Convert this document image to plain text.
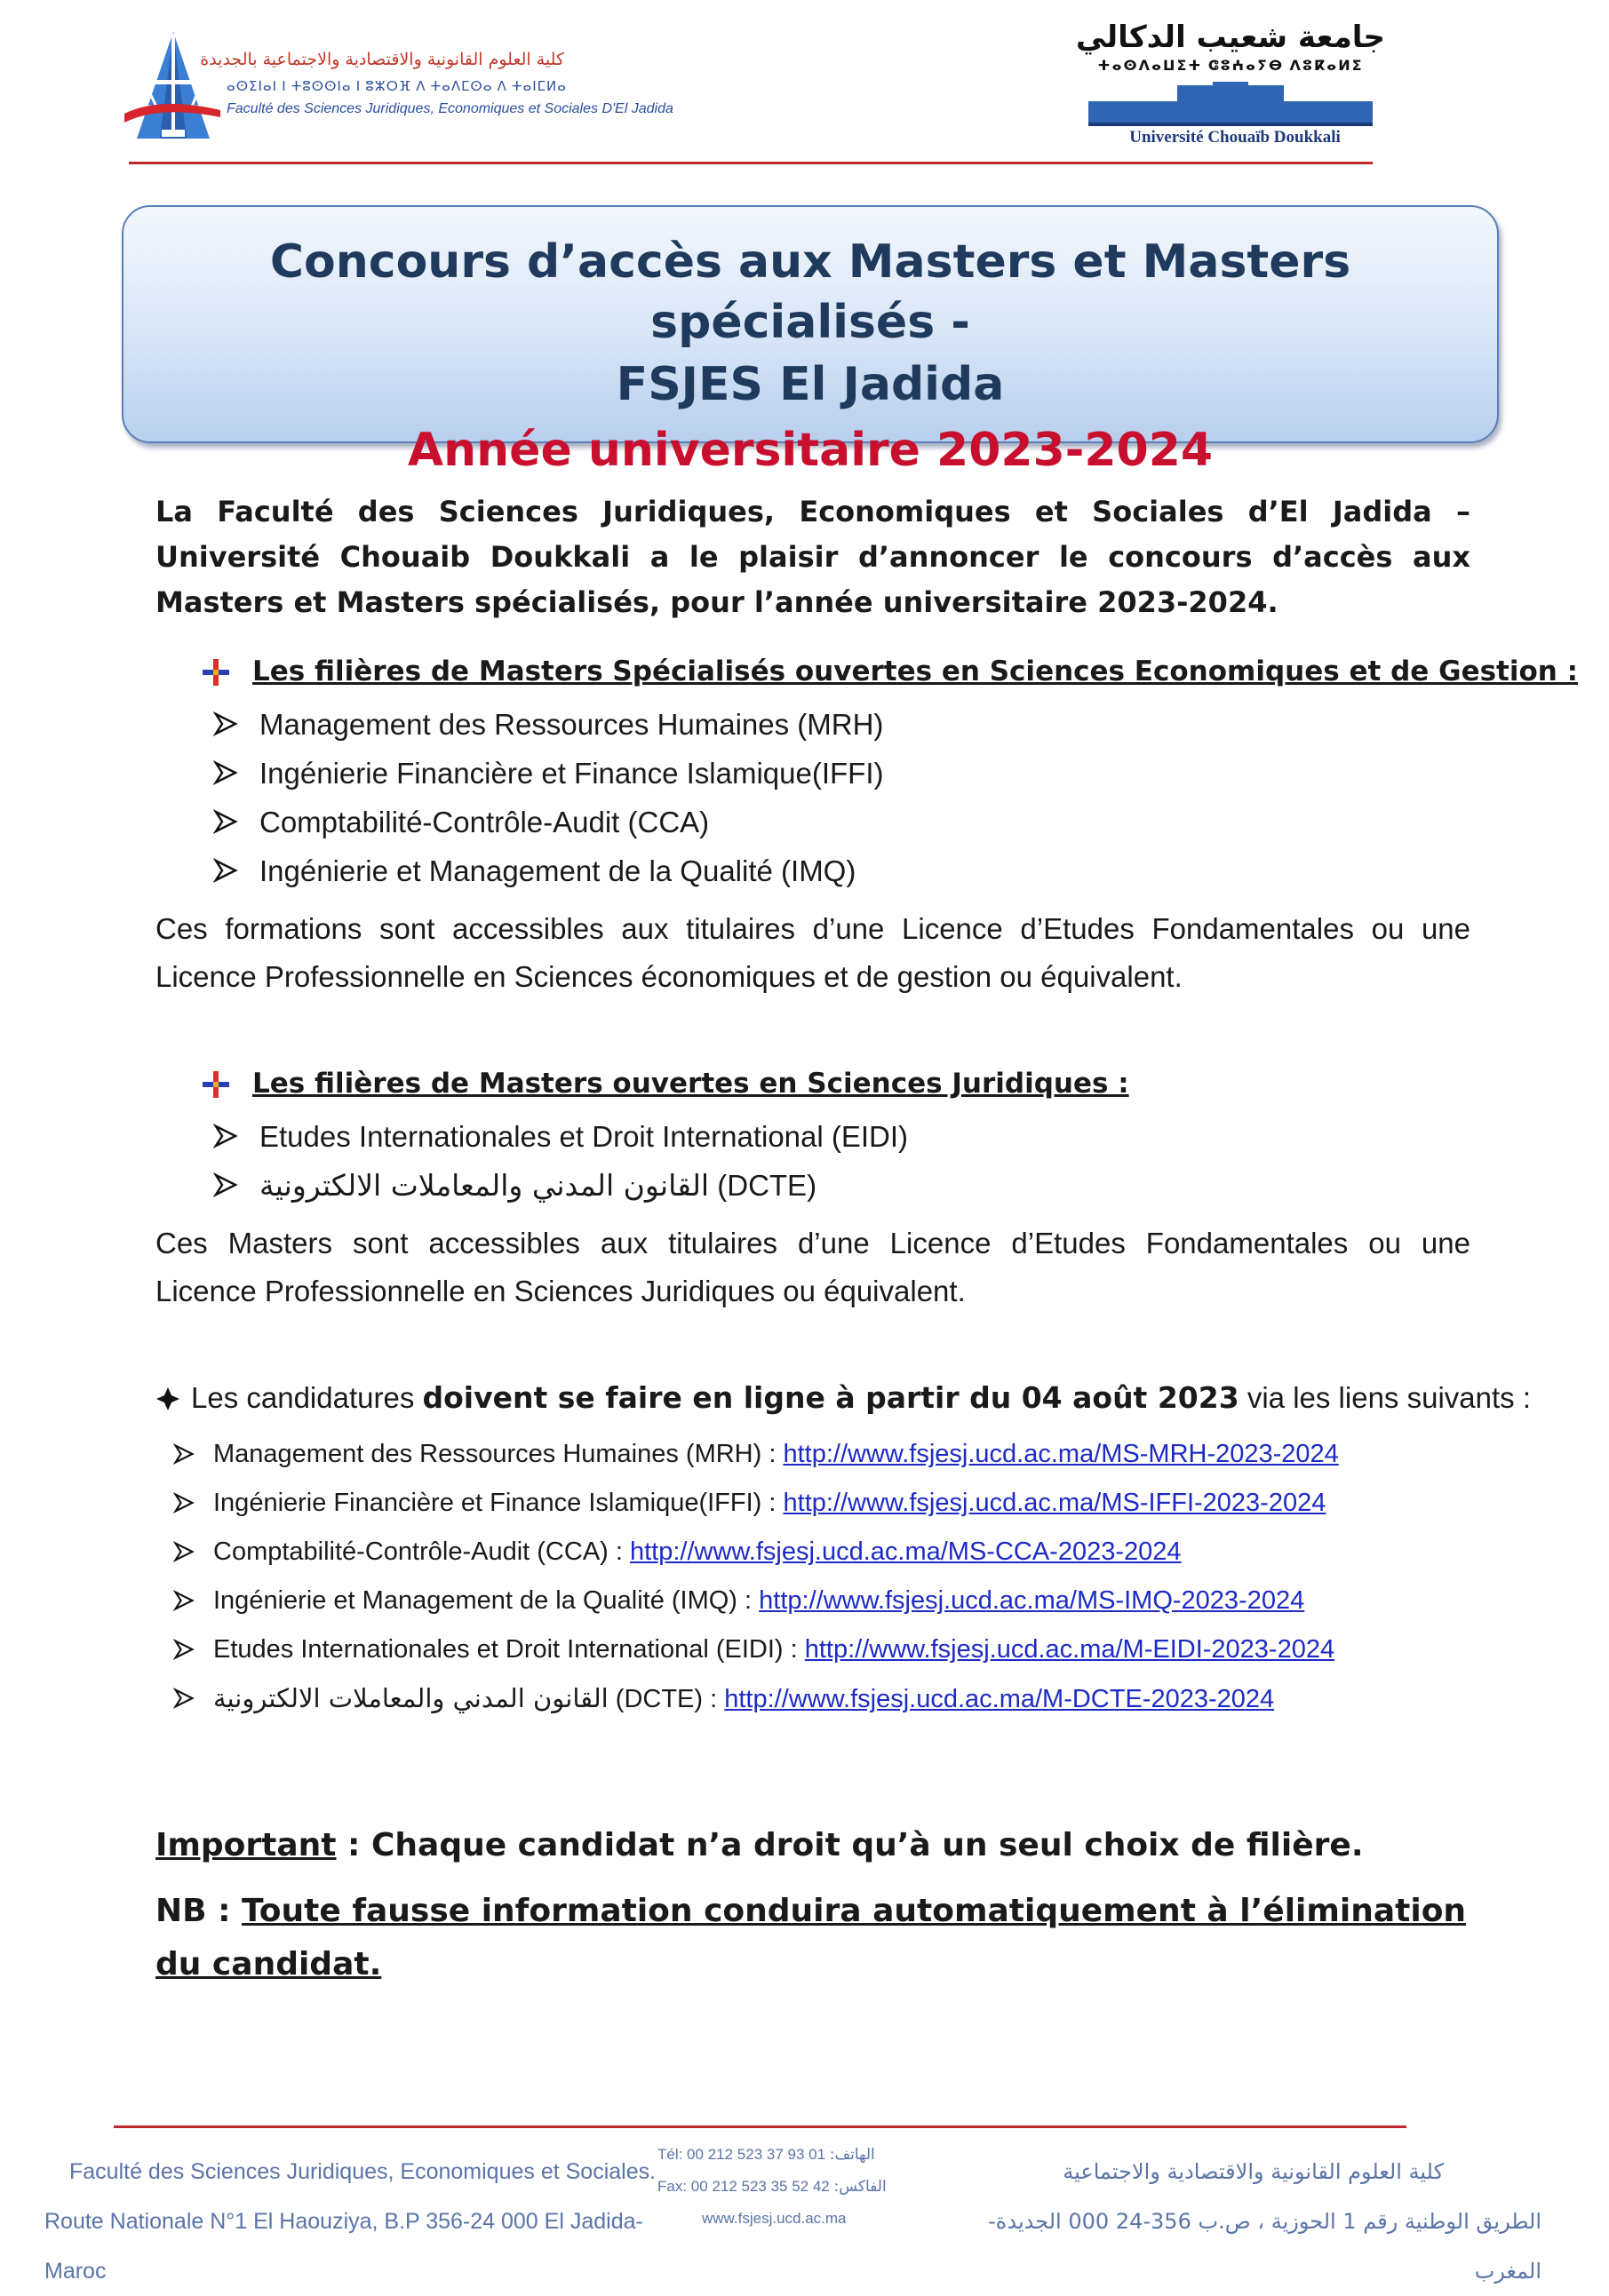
كلية العلوم القانونية والاقتصادية والاجتماعية بالجديدة
ⴰⵙⵉⵏⴰⵏ ⵏ ⵜⵓⵙⵙⵏⴰ ⵏ ⵓⵣⵔⴼ ⴷ ⵜⴰⴷⵎⵙⴰ ⴷ ⵜⴰⵏⵎⵍⴰ
Faculté des Sciences Juridiques, Economiques et Sociales D'El Jadida
جامعة شعيب الدكالي
ⵜⴰⵙⴷⴰⵡⵉⵜ ⵛⵓⵄⴰⵢⴱ ⴷⵓⴽⴰⵍⵉ
Université Chouaïb Doukkali
Concours d’accès aux Masters et Masters spécialisés -
FSJES El Jadida
Année universitaire 2023-2024
La Faculté des Sciences Juridiques, Economiques et Sociales d’El Jadida – Université Chouaib Doukkali a le plaisir d’annoncer le concours d’accès aux Masters et Masters spécialisés, pour l’année universitaire 2023-2024.
Les filières de Masters Spécialisés ouvertes en Sciences Economiques et de Gestion :
Management des Ressources Humaines (MRH)
Ingénierie Financière et Finance Islamique(IFFI)
Comptabilité-Contrôle-Audit (CCA)
Ingénierie et Management de la Qualité (IMQ)
Ces formations sont accessibles aux titulaires d’une Licence d’Etudes Fondamentales ou une
Licence Professionnelle en Sciences économiques et de gestion ou équivalent.
Les filières de Masters ouvertes en Sciences Juridiques :
Etudes Internationales et Droit International (EIDI)
القانون المدني والمعاملات الالكترونية (DCTE)
Ces Masters sont accessibles aux titulaires d’une Licence d’Etudes Fondamentales ou une
Licence Professionnelle en Sciences Juridiques ou équivalent.
Les candidatures doivent se faire en ligne à partir du 04 août 2023 via les liens suivants :
Management des Ressources Humaines (MRH) : http://www.fsjesj.ucd.ac.ma/MS-MRH-2023-2024
Ingénierie Financière et Finance Islamique(IFFI) : http://www.fsjesj.ucd.ac.ma/MS-IFFI-2023-2024
Comptabilité-Contrôle-Audit (CCA) : http://www.fsjesj.ucd.ac.ma/MS-CCA-2023-2024
Ingénierie et Management de la Qualité (IMQ) : http://www.fsjesj.ucd.ac.ma/MS-IMQ-2023-2024
Etudes Internationales et Droit International (EIDI) : http://www.fsjesj.ucd.ac.ma/M-EIDI-2023-2024
القانون المدني والمعاملات الالكترونية (DCTE) : http://www.fsjesj.ucd.ac.ma/M-DCTE-2023-2024
Important : Chaque candidat n’a droit qu’à un seul choix de filière.
NB : Toute fausse information conduira automatiquement à l’élimination du candidat.
Faculté des Sciences Juridiques, Economiques et Sociales.
Route Nationale N°1 El Haouziya, B.P 356-24 000 El Jadida-Maroc
Tél: 00 212 523 37 93 01 :الهاتف
Fax: 00 212 523 35 52 42 :الفاكس
www.fsjesj.ucd.ac.ma
كلية العلوم القانونية والاقتصادية والاجتماعية
الطريق الوطنية رقم 1 الحوزية ، ص.ب 356-24 000 الجديدة-المغرب
